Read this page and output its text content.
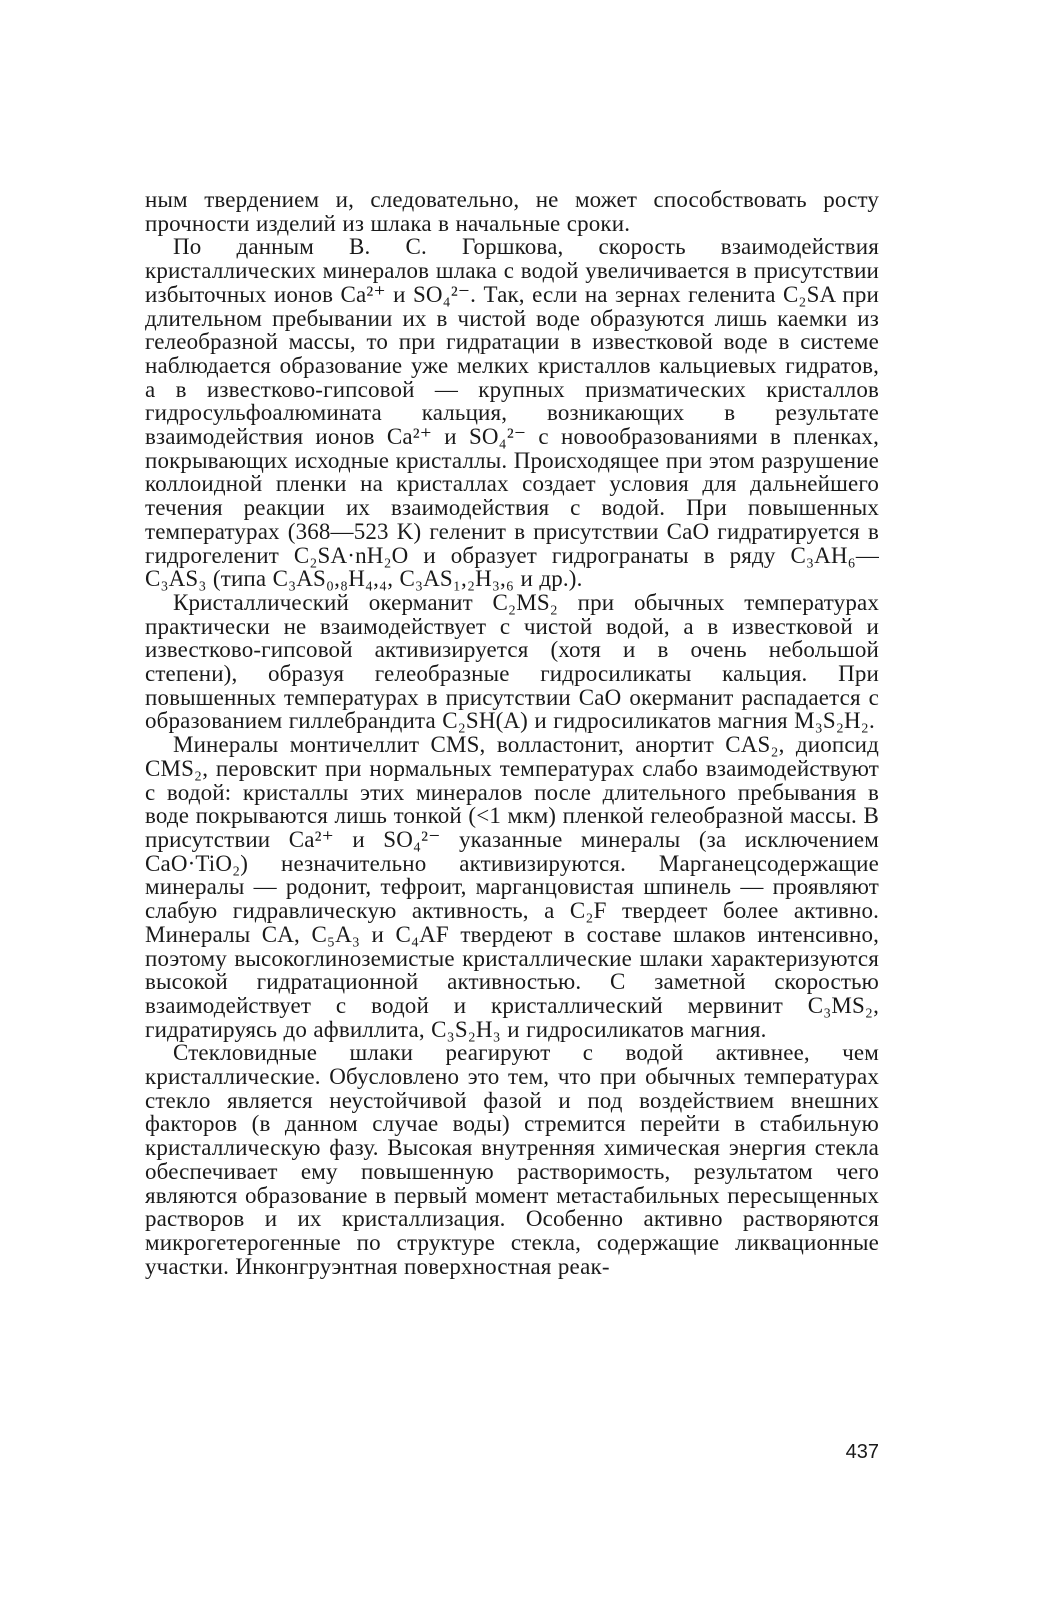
ным твердением и, следовательно, не может способствовать росту прочности изделий из шлака в начальные сроки.

По данным В. С. Горшкова, скорость взаимодействия кристаллических минералов шлака с водой увеличивается в присутствии избыточных ионов Ca²⁺ и SO₄²⁻. Так, если на зернах геленита C₂SA при длительном пребывании их в чистой воде образуются лишь каемки из гелеобразной массы, то при гидратации в известковой воде в системе наблюдается образование уже мелких кристаллов кальциевых гидратов, а в известково-гипсовой — крупных призматических кристаллов гидросульфоалюмината кальция, возникающих в результате взаимодействия ионов Ca²⁺ и SO₄²⁻ с новообразованиями в пленках, покрывающих исходные кристаллы. Происходящее при этом разрушение коллоидной пленки на кристаллах создает условия для дальнейшего течения реакции их взаимодействия с водой. При повышенных температурах (368—523 K) геленит в присутствии CaO гидратируется в гидрогеленит C₂SA·nH₂O и образует гидрогранаты в ряду C₃AH₆—C₃AS₃ (типа C₃AS₀,₈H₄,₄, C₃AS₁,₂H₃,₆ и др.).

Кристаллический окерманит C₂MS₂ при обычных температурах практически не взаимодействует с чистой водой, а в известковой и известково-гипсовой активизируется (хотя и в очень небольшой степени), образуя гелеобразные гидросиликаты кальция. При повышенных температурах в присутствии CaO окерманит распадается с образованием гиллебрандита C₂SH(A) и гидросиликатов магния M₃S₂H₂.

Минералы монтичеллит CMS, волластонит, анортит CAS₂, диопсид CMS₂, перовскит при нормальных температурах слабо взаимодействуют с водой: кристаллы этих минералов после длительного пребывания в воде покрываются лишь тонкой (<1 мкм) пленкой гелеобразной массы. В присутствии Ca²⁺ и SO₄²⁻ указанные минералы (за исключением CaO·TiO₂) незначительно активизируются. Марганецсодержащие минералы — родонит, тефроит, марганцовистая шпинель — проявляют слабую гидравлическую активность, а C₂F твердеет более активно. Минералы CA, C₅A₃ и C₄AF твердеют в составе шлаков интенсивно, поэтому высокоглиноземистые кристаллические шлаки характеризуются высокой гидратационной активностью. С заметной скоростью взаимодействует с водой и кристаллический мервинит C₃MS₂, гидратируясь до афвиллита, C₃S₂H₃ и гидросиликатов магния.

Стекловидные шлаки реагируют с водой активнее, чем кристаллические. Обусловлено это тем, что при обычных температурах стекло является неустойчивой фазой и под воздействием внешних факторов (в данном случае воды) стремится перейти в стабильную кристаллическую фазу. Высокая внутренняя химическая энергия стекла обеспечивает ему повышенную растворимость, результатом чего являются образование в первый момент метастабильных пересыщенных растворов и их кристаллизация. Особенно активно растворяются микрогетерогенные по структуре стекла, содержащие ликвационные участки. Инконгруэнтная поверхностная реак-

437
